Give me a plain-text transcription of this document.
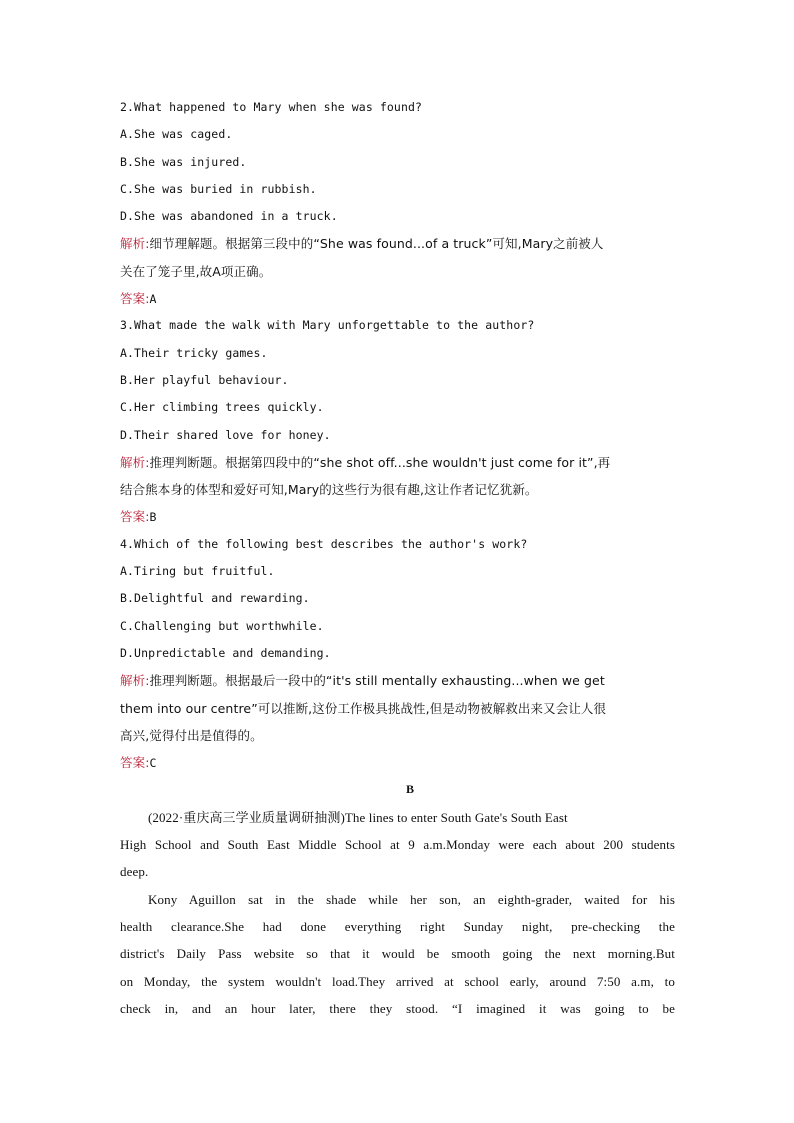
2.What happened to Mary when she was found?
A.She was caged.
B.She was injured.
C.She was buried in rubbish.
D.She was abandoned in a truck.
解析:细节理解题。根据第三段中的“She was found...of a truck”可知,Mary之前被人
关在了笼子里,故A项正确。
答案:A
3.What made the walk with Mary unforgettable to the author?
A.Their tricky games.
B.Her playful behaviour.
C.Her climbing trees quickly.
D.Their shared love for honey.
解析:推理判断题。根据第四段中的“she shot off...she wouldn't just come for it”,再
结合熊本身的体型和爱好可知,Mary的这些行为很有趣,这让作者记忆犹新。
答案:B
4.Which of the following best describes the author's work?
A.Tiring but fruitful.
B.Delightful and rewarding.
C.Challenging but worthwhile.
D.Unpredictable and demanding.
解析:推理判断题。根据最后一段中的“it's still mentally exhausting...when we get
them into our centre”可以推断,这份工作极具挑战性,但是动物被解救出来又会让人很
高兴,觉得付出是值得的。
答案:C
B
(2022·重庆高三学业质量调研抽测)The lines to enter South Gate's South East
High School and South East Middle School at 9 a.m.Monday were each about 200 students
deep.
Kony Aguillon sat in the shade while her son, an eighth-grader, waited for his
health clearance.She had done everything right Sunday night, pre-checking the
district's Daily Pass website so that it would be smooth going the next morning.But
on Monday, the system wouldn't load.They arrived at school early, around 7:50 a.m, to
check in, and an hour later, there they stood. “I imagined it was going to be
